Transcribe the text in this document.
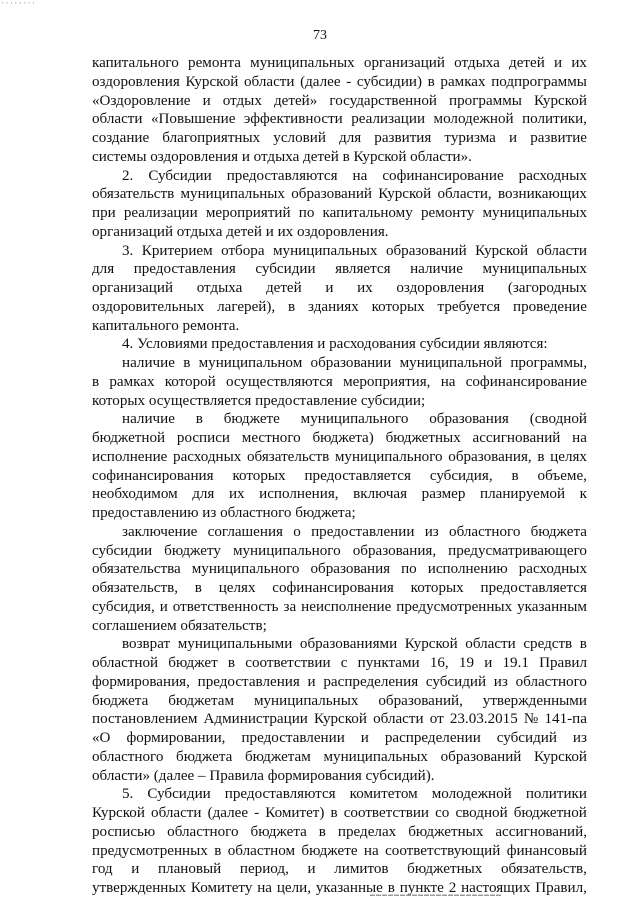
▪ ▪ ▪ ▪ ▪ ▪ ▪ ▪
73
капитального ремонта муниципальных организаций отдыха детей и их
оздоровления Курской области (далее - субсидии) в рамках подпрограммы
«Оздоровление и отдых детей» государственной программы Курской
области «Повышение эффективности реализации молодежной политики,
создание благоприятных условий для развития туризма и развитие
системы оздоровления и отдыха детей в Курской области».
2. Субсидии предоставляются на софинансирование расходных
обязательств муниципальных образований Курской области, возникающих
при реализации мероприятий по капитальному ремонту муниципальных
организаций отдыха детей и их оздоровления.
3. Критерием отбора муниципальных образований Курской области
для предоставления субсидии является наличие муниципальных
организаций отдыха детей и их оздоровления (загородных
оздоровительных лагерей), в зданиях которых требуется проведение
капитального ремонта.
4. Условиями предоставления и расходования субсидии являются:
наличие в муниципальном образовании муниципальной программы,
в рамках которой осуществляются мероприятия, на софинансирование
которых осуществляется предоставление субсидии;
наличие в бюджете муниципального образования (сводной
бюджетной росписи местного бюджета) бюджетных ассигнований на
исполнение расходных обязательств муниципального образования, в целях
софинансирования которых предоставляется субсидия, в объеме,
необходимом для их исполнения, включая размер планируемой к
предоставлению из областного бюджета;
заключение соглашения о предоставлении из областного бюджета
субсидии бюджету муниципального образования, предусматривающего
обязательства муниципального образования по исполнению расходных
обязательств, в целях софинансирования которых предоставляется
субсидия, и ответственность за неисполнение предусмотренных указанным
соглашением обязательств;
возврат муниципальными образованиями Курской области средств в
областной бюджет в соответствии с пунктами 16, 19 и 19.1 Правил
формирования, предоставления и распределения субсидий из областного
бюджета бюджетам муниципальных образований, утвержденными
постановлением Администрации Курской области от 23.03.2015 № 141-па
«О формировании, предоставлении и распределении субсидий из
областного бюджета бюджетам муниципальных образований Курской
области» (далее – Правила формирования субсидий).
5. Субсидии предоставляются комитетом молодежной политики
Курской области (далее - Комитет) в соответствии со сводной бюджетной
росписью областного бюджета в пределах бюджетных ассигнований,
предусмотренных в областном бюджете на соответствующий финансовый
год и плановый период, и лимитов бюджетных обязательств,
утвержденных Комитету на цели, указанные в пункте 2 настоящих Правил,
▬▬▬▬▬▬▬▬▬▬▬▬▬▬▬▬▬▬▬▬▬▬
